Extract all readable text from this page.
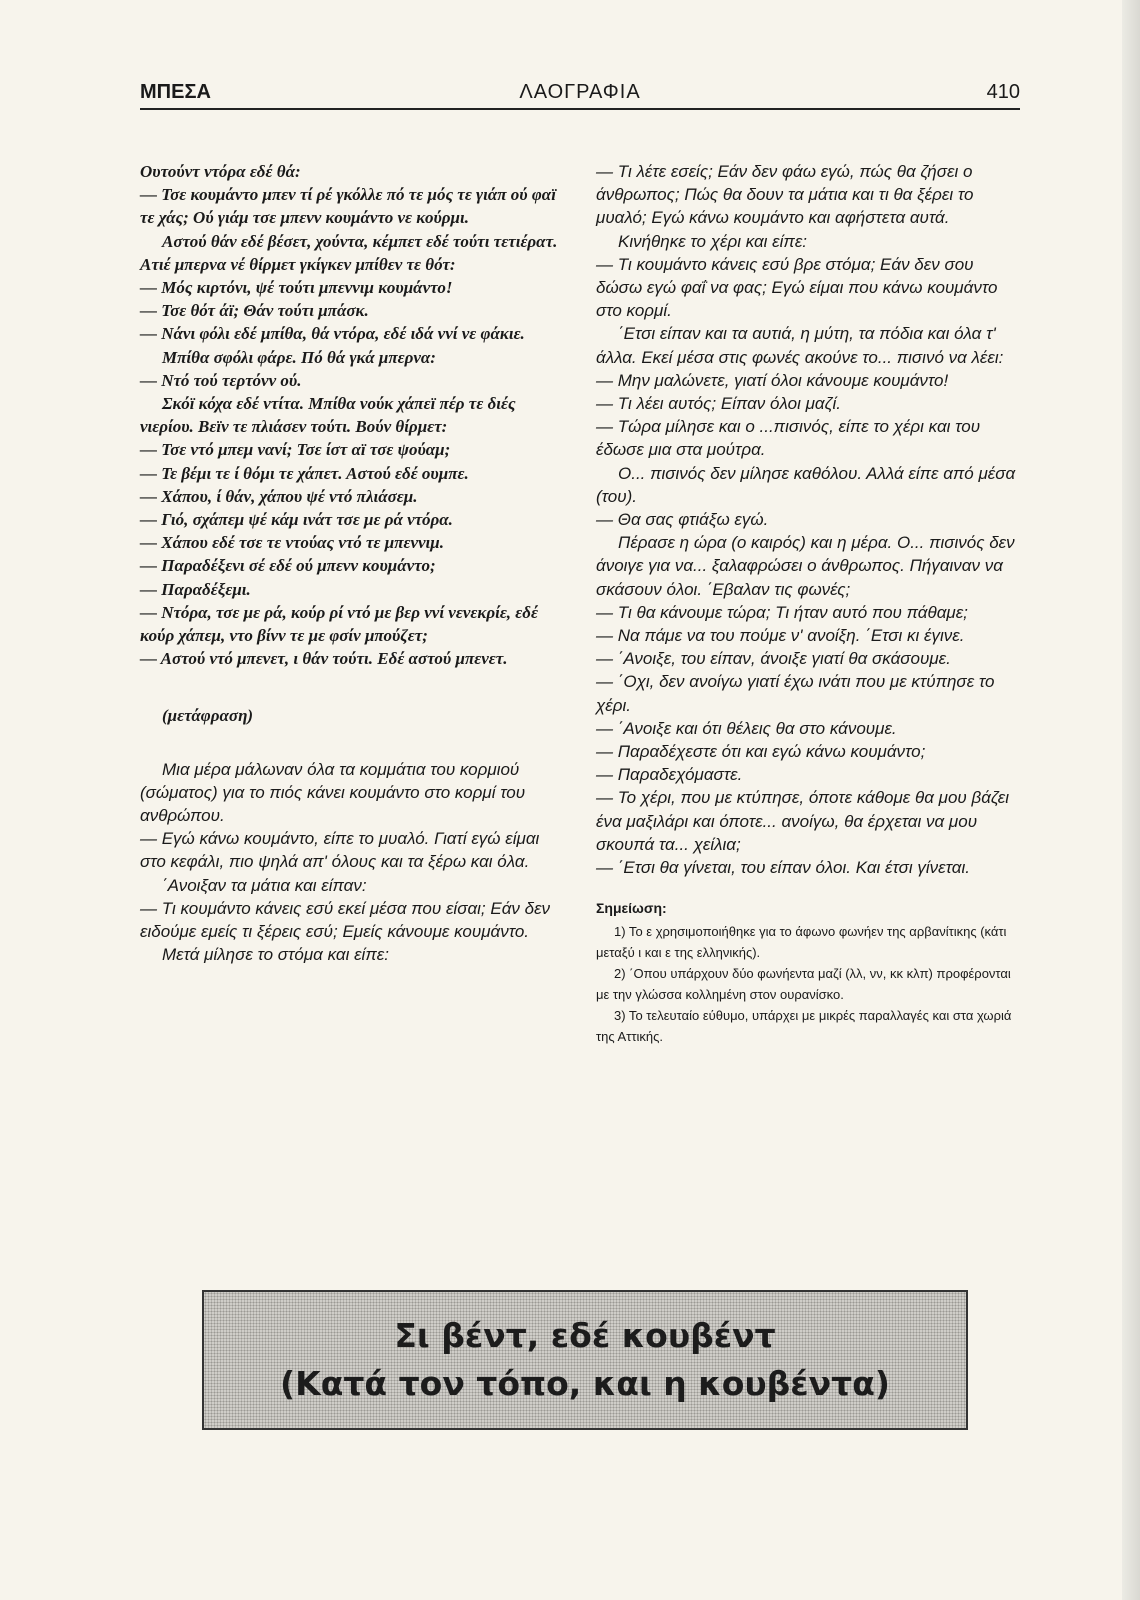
ΛΑΟΓΡΑΦΙΑ
ΜΠΕΣΑ	410

Ουτούντ ντόρα εδέ θά:

— Τσε κουμάντο μπεν τί ρέ γκόλλε πό τε μός τε γιάπ ού φαϊ τε χάς; Ού γιάμ τσε μπενν κουμάντο νε κούρμι.

Αστού θάν εδέ βέσετ, χούντα, κέμπετ εδέ τούτι τετιέρατ. Ατιέ μπερνα νέ θίρμετ γκίγκεν μπίθεν τε θότ:

— Μός κιρτόνι, ψέ τούτι μπεννιμ κουμάντο!

— Τσε θότ άϊ; Θάν τούτι μπάσκ.

— Νάνι φόλι εδέ μπίθα, θά ντόρα, εδέ ιδά ννί νε φάκιε.

Μπίθα σφόλι φάρε. Πό θά γκά μπερνα:

— Ντό τού τερτόνν ού.

Σκόϊ κόχα εδέ ντίτα. Μπίθα νούκ χάπεϊ πέρ τε διές νιερίου. Βεϊν τε πλιάσεν τούτι. Βούν θίρμετ:

— Τσε ντό μπεμ νανί; Τσε ίστ αϊ τσε ψούαμ;

— Τε βέμι τε ί θόμι τε χάπετ. Αστού εδέ ουμπε.

— Χάπου, ί θάν, χάπου ψέ ντό πλιάσεμ.

— Γιό, σχάπεμ ψέ κάμ ινάτ τσε με ρά ντόρα.

— Χάπου εδέ τσε τε ντούας ντό τε μπεννιμ.

— Παραδέξενι σέ εδέ ού μπενν κουμάντο;

— Παραδέξεμι.

— Ντόρα, τσε με ρά, κούρ ρί ντό με βερ ννί νενεκρίε, εδέ κούρ χάπεμ, ντο βίνν τε με φσίν μπούζετ;

— Αστού ντό μπενετ, ι θάν τούτι. Εδέ αστού μπενετ.

(μετάφραση)

Μια μέρα μάλωναν όλα τα κομμάτια του κορμιού (σώματος) για το πιός κάνει κουμάντο στο κορμί του ανθρώπου.

— Εγώ κάνω κουμάντο, είπε το μυαλό. Γιατί εγώ είμαι στο κεφάλι, πιο ψηλά απ' όλους και τα ξέρω και όλα.

΄Ανοιξαν τα μάτια και είπαν:

— Τι κουμάντο κάνεις εσύ εκεί μέσα που είσαι; Εάν δεν ειδούμε εμείς τι ξέρεις εσύ; Εμείς κάνουμε κουμάντο.

Μετά μίλησε το στόμα και είπε:

— Τι λέτε εσείς; Εάν δεν φάω εγώ, πώς θα ζήσει ο άνθρωπος; Πώς θα δουν τα μάτια και τι θα ξέρει το μυαλό; Εγώ κάνω κουμάντο και αφήστετα αυτά.

Κινήθηκε το χέρι και είπε:

— Τι κουμάντο κάνεις εσύ βρε στόμα; Εάν δεν σου δώσω εγώ φαΐ να φας; Εγώ είμαι που κάνω κουμάντο στο κορμί.

΄Ετσι είπαν και τα αυτιά, η μύτη, τα πόδια και όλα τ' άλλα. Εκεί μέσα στις φωνές ακούνε το... πισινό να λέει:

— Μην μαλώνετε, γιατί όλοι κάνουμε κουμάντο!

— Τι λέει αυτός; Είπαν όλοι μαζί.

— Τώρα μίλησε και ο ...πισινός, είπε το χέρι και του έδωσε μια στα μούτρα.

Ο... πισινός δεν μίλησε καθόλου. Αλλά είπε από μέσα (του).

— Θα σας φτιάξω εγώ.

Πέρασε η ώρα (ο καιρός) και η μέρα. Ο... πισινός δεν άνοιγε για να... ξαλαφρώσει ο άνθρωπος. Πήγαιναν να σκάσουν όλοι. ΄Εβαλαν τις φωνές;

— Τι θα κάνουμε τώρα; Τι ήταν αυτό που πάθαμε;

— Να πάμε να του πούμε ν' ανοίξη. ΄Ετσι κι έγινε.

— ΄Ανοιξε, του είπαν, άνοιξε γιατί θα σκάσουμε.

— ΄Οχι, δεν ανοίγω γιατί έχω ινάτι που με κτύπησε το χέρι.

— ΄Ανοιξε και ότι θέλεις θα στο κάνουμε.

— Παραδέχεστε ότι και εγώ κάνω κουμάντο;

— Παραδεχόμαστε.

— Το χέρι, που με κτύπησε, όποτε κάθομε θα μου βάζει ένα μαξιλάρι και όποτε... ανοίγω, θα έρχεται να μου σκουπά τα... χείλια;

— ΄Ετσι θα γίνεται, του είπαν όλοι. Και έτσι γίνεται.

Σημείωση:

1) Το ε χρησιμοποιήθηκε για το άφωνο φωνήεν της αρβανίτικης (κάτι μεταξύ ι και ε της ελληνικής).

2) ΄Οπου υπάρχουν δύο φωνήεντα μαζί (λλ, νν, κκ κλπ) προφέρονται με την γλώσσα κολλημένη στον ουρανίσκο.

3) Το τελευταίο εύθυμο, υπάρχει με μικρές παραλλαγές και στα χωριά της Αττικής.

Σι βέντ, εδέ κουβέντ
(Κατά τον τόπο, και η κουβέντα)
